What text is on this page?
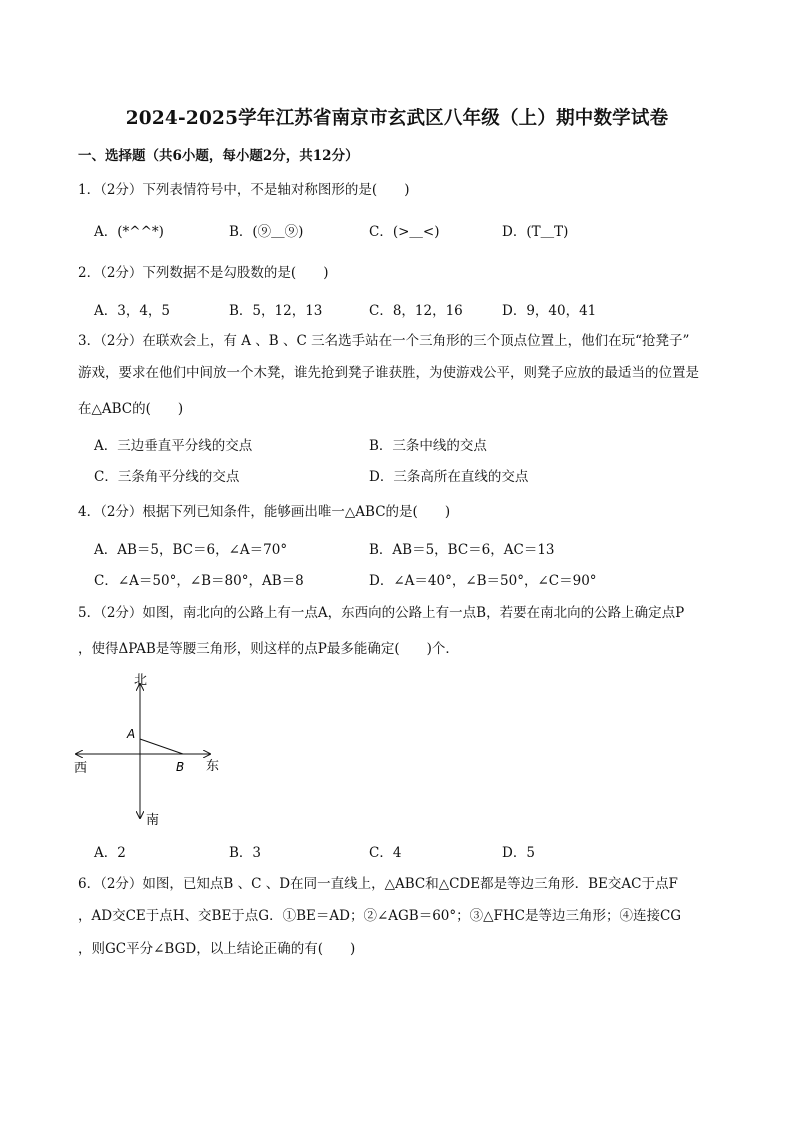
2024-2025学年江苏省南京市玄武区八年级（上）期中数学试卷
一、选择题（共6小题，每小题2分，共12分）
1．（2分）下列表情符号中，不是轴对称图形的是(　　)
A．(*^^*)	B．(⑨＿⑨)	C．(>＿<)	D．(T＿T)
2．（2分）下列数据不是勾股数的是(　　)
A．3，4，5	B．5，12，13	C．8，12，16	D．9，40，41
3．（2分）在联欢会上，有 A 、B 、C 三名选手站在一个三角形的三个顶点位置上，他们在玩“抢凳子”
游戏，要求在他们中间放一个木凳，谁先抢到凳子谁获胜，为使游戏公平，则凳子应放的最适当的位置是
在△ABC的(　　)
A．三边垂直平分线的交点	B．三条中线的交点
C．三条角平分线的交点	D．三条高所在直线的交点
4．（2分）根据下列已知条件，能够画出唯一△ABC的是(　　)
A．AB＝5，BC＝6，∠A＝70°	B．AB＝5，BC＝6，AC＝13
C．∠A＝50°，∠B＝80°，AB＝8	D．∠A＝40°，∠B＝50°，∠C＝90°
5．（2分）如图，南北向的公路上有一点A，东西向的公路上有一点B，若要在南北向的公路上确定点P
，使得ΔPAB是等腰三角形，则这样的点P最多能确定(　　)个．
北
南
西	东
A
B
A．2	B．3	C．4	D．5
6．（2分）如图，已知点B 、C 、D在同一直线上，△ABC和△CDE都是等边三角形．BE交AC于点F
，AD交CE于点H、交BE于点G．①BE＝AD；②∠AGB＝60°；③△FHC是等边三角形；④连接CG
，则GC平分∠BGD，以上结论正确的有(　　)
